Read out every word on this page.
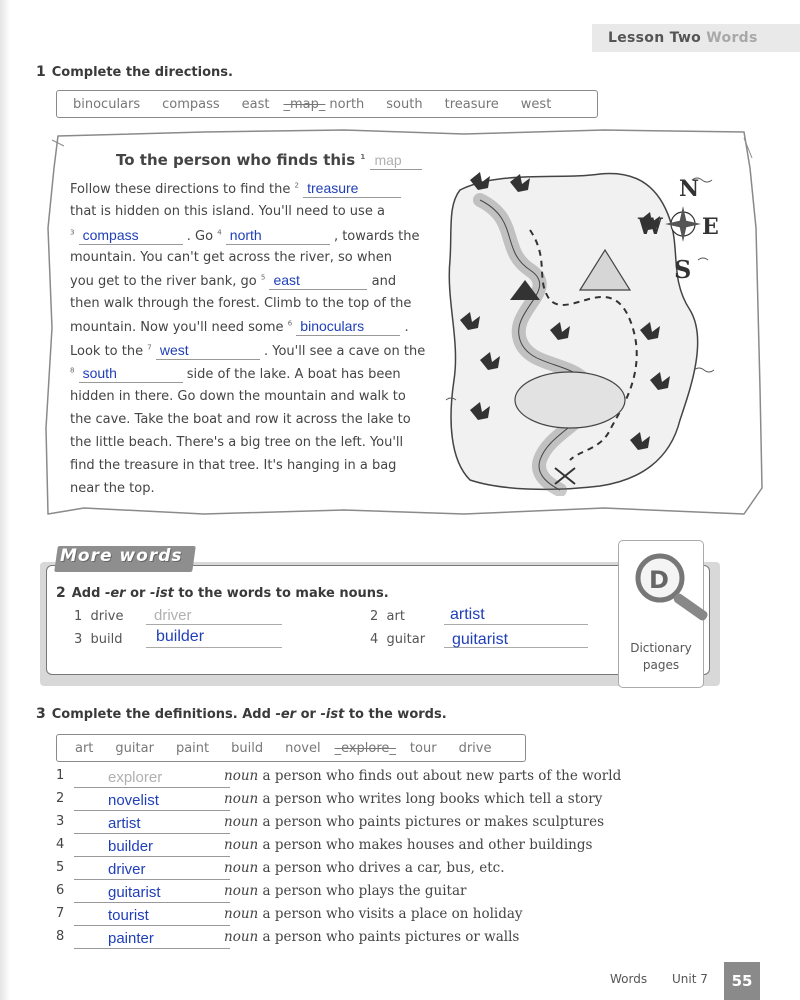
Lesson Two Words
1 Complete the directions.
binoculars compass east	_ map _ north south treasure west
To the person who finds this $^1$ map
Follow these directions to find the $^2$ treasure
that is hidden on this island. You'll need to use a
$^3$ compass	. Go $^4$ north	, towards the
mountain. You can't get across the river, so when
you get to the river bank, go $^5$ east	and
then walk through the forest. Climb to the top of the
mountain. Now you'll need some $^6$ binoculars	.
Look to the $^7$ west	. You'll see a cave on the
$^8$ south	side of the lake. A boat has been
hidden in there. Go down the mountain and walk to
the cave. Take the boat and row it across the lake to
the little beach. There's a big tree on the left. You'll
find the treasure in that tree. It's hanging in a bag
near the top.
N
W E
S
More words
2 Add -er or -ist to the words to make nouns.
1 drive driver	2 art	artist
3 build builder	4 guitar guitarist
D
Dictionary
pages
3 Complete the definitions. Add -er or -ist to the words.
art guitar paint build novel	_ explore _	tour drive
1	explorer	noun a person who finds out about new parts of the world
2	novelist	noun a person who writes long books which tell a story
3	artist	noun a person who paints pictures or makes sculptures
4	builder	noun a person who makes houses and other buildings
5	driver	noun a person who drives a car, bus, etc.
6	guitarist	noun a person who plays the guitar
7	tourist	noun a person who visits a place on holiday
8	painter	noun a person who paints pictures or walls
Words Unit 7	55
